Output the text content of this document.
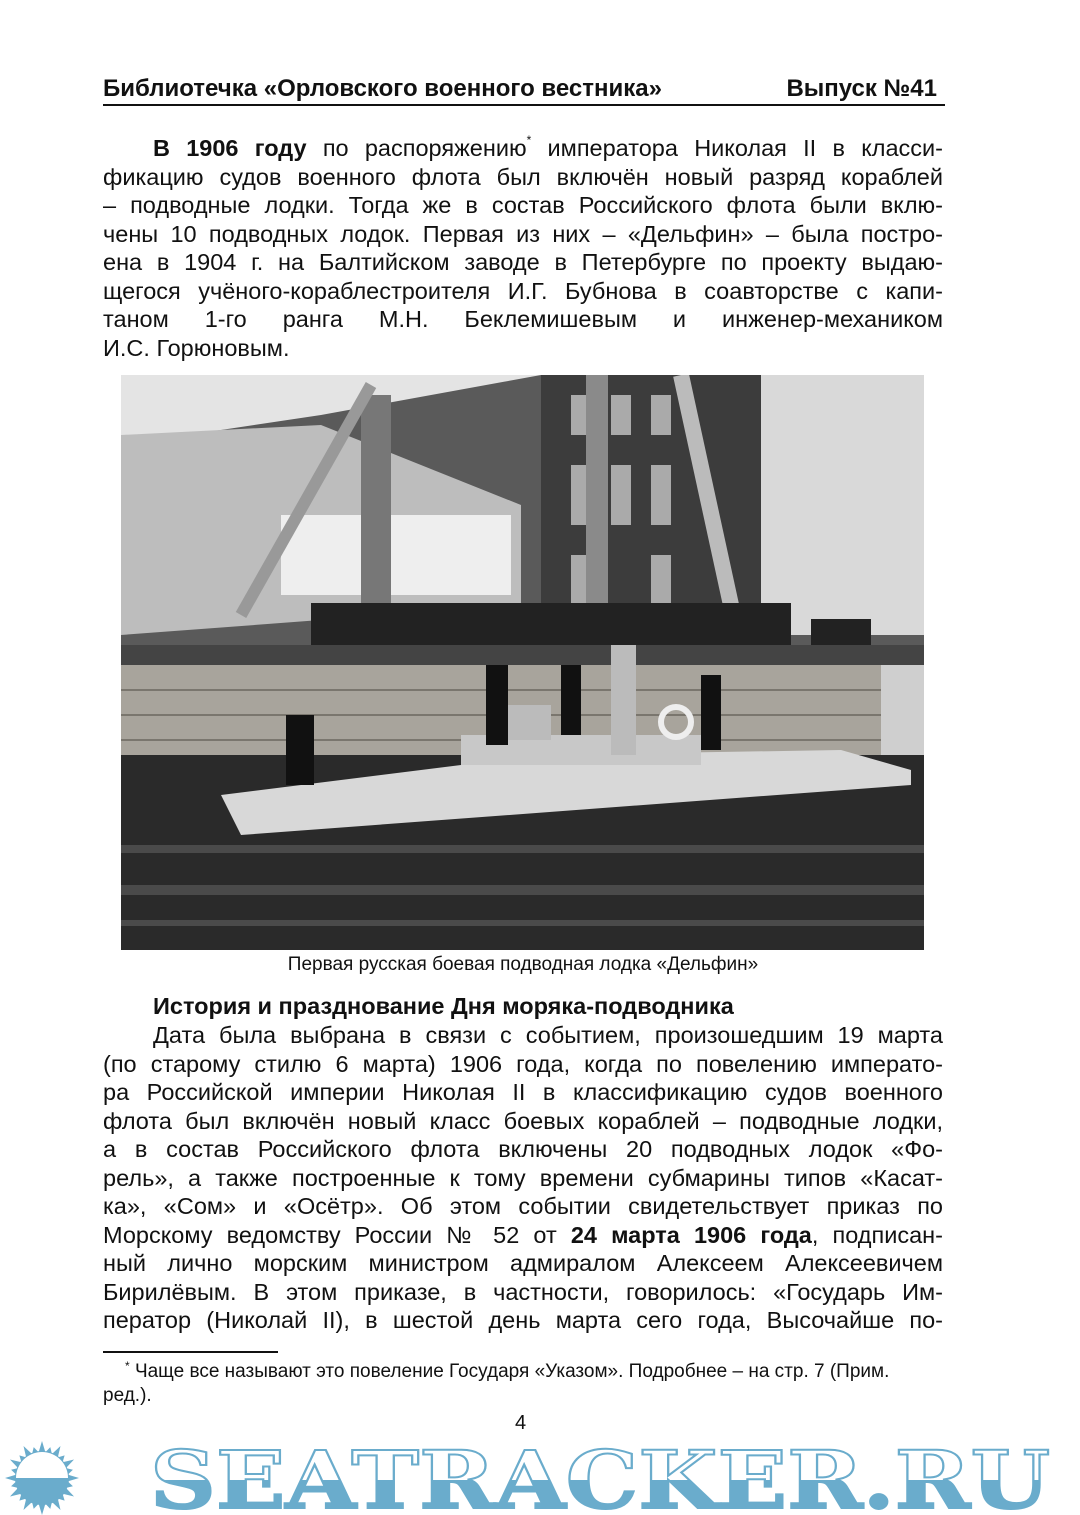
Библиотечка «Орловского военного вестника»	Выпуск №41
В 1906 году по распоряжению* императора Николая II в класси-
фикацию судов военного флота был включён новый разряд кораблей
– подводные лодки. Тогда же в состав Российского флота были вклю-
чены 10 подводных лодок. Первая из них – «Дельфин» – была постро-
ена в 1904 г. на Балтийском заводе в Петербурге по проекту выдаю-
щегося учёного-кораблестроителя И.Г. Бубнова в соавторстве с капи-
таном 1-го ранга М.Н. Беклемишевым и инженер-механиком
И.С. Горюновым.
Первая русская боевая подводная лодка «Дельфин»
История и празднование Дня моряка-подводника
Дата была выбрана в связи с событием, произошедшим 19 марта
(по старому стилю 6 марта) 1906 года, когда по повелению императо-
ра Российской империи Николая II в классификацию судов военного
флота был включён новый класс боевых кораблей – подводные лодки,
а в состав Российского флота включены 20 подводных лодок «Фо-
рель», а также построенные к тому времени субмарины типов «Касат-
ка», «Сом» и «Осётр». Об этом событии свидетельствует приказ по
Морскому ведомству России № 52 от 24 марта 1906 года, подписан-
ный лично морским министром адмиралом Алексеем Алексеевичем
Бирилёвым. В этом приказе, в частности, говорилось: «Государь Им-
ператор (Николай II), в шестой день марта сего года, Высочайше по-
* Чаще все называют это повеление Государя «Указом». Подробнее – на стр. 7 (Прим. ред.).
4
SEATRACKER.RU
